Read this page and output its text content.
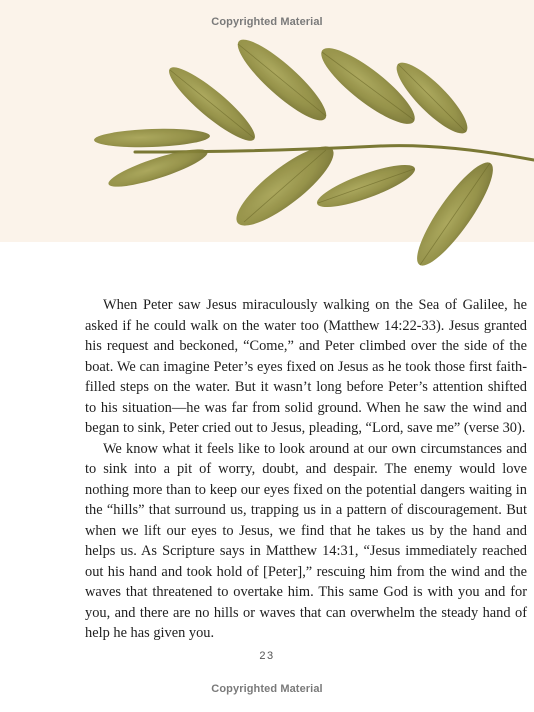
Copyrighted Material

When Peter saw Jesus miraculously walking on the Sea of Galilee, he asked if he could walk on the water too (Matthew 14:22-33). Jesus granted his request and beckoned, “Come,” and Peter climbed over the side of the boat. We can imagine Peter’s eyes fixed on Jesus as he took those first faith-filled steps on the water. But it wasn’t long before Peter’s attention shifted to his situation—he was far from solid ground. When he saw the wind and began to sink, Peter cried out to Jesus, pleading, “Lord, save me” (verse 30).

We know what it feels like to look around at our own circumstances and to sink into a pit of worry, doubt, and despair. The enemy would love nothing more than to keep our eyes fixed on the potential dangers waiting in the “hills” that surround us, trapping us in a pattern of discouragement. But when we lift our eyes to Jesus, we find that he takes us by the hand and helps us. As Scripture says in Matthew 14:31, “Jesus immediately reached out his hand and took hold of [Peter],” rescuing him from the wind and the waves that threatened to overtake him. This same God is with you and for you, and there are no hills or waves that can overwhelm the steady hand of help he has given you.

23
Copyrighted Material
